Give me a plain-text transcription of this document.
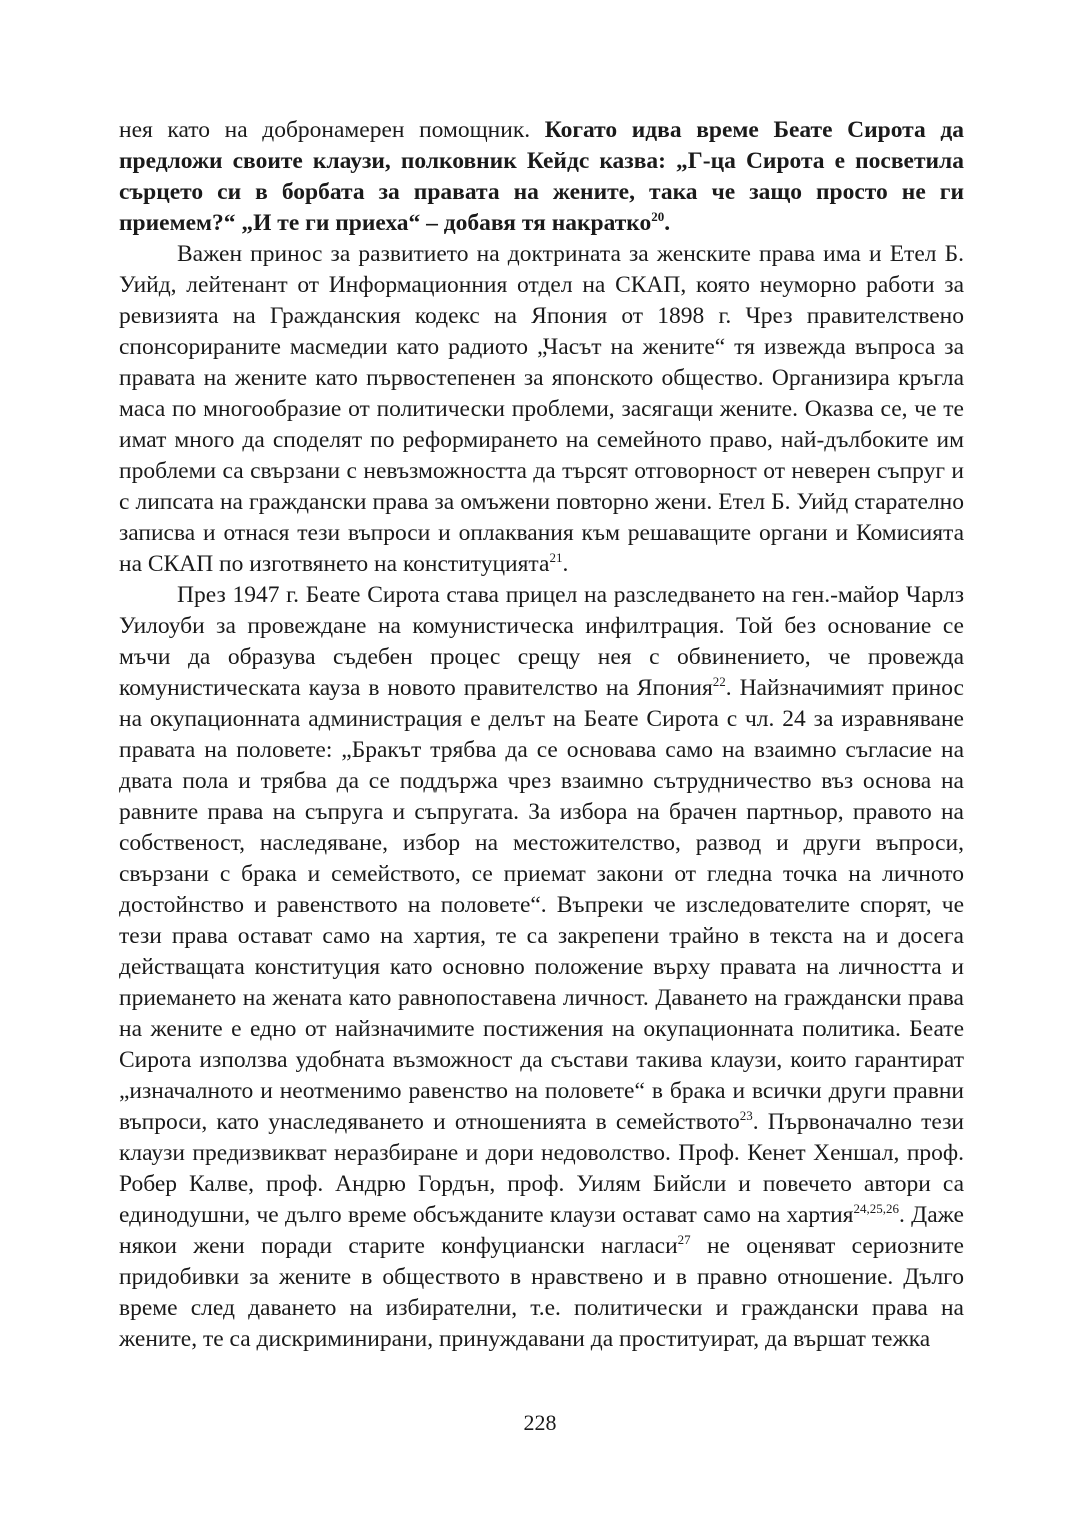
нея като на добронамерен помощник. Когато идва време Беате Сирота да предложи своите клаузи, полковник Кейдс казва: „Г-ца Сирота е посветила сърцето си в борбата за правата на жените, така че защо просто не ги приемем?“ „И те ги приеха“ – добавя тя накратко$^{20}$.

Важен принос за развитието на доктрината за женските права има и Етел Б. Уийд, лейтенант от Информационния отдел на СКАП, която неуморно работи за ревизията на Гражданския кодекс на Япония от 1898 г. Чрез правителствено спонсорираните масмедии като радиото „Часът на жените“ тя извежда въпроса за правата на жените като първостепенен за японското общество. Организира кръгла маса по многообразие от политически проблеми, засягащи жените. Оказва се, че те имат много да споделят по реформирането на семейното право, най-дълбоките им проблеми са свързани с невъзможността да търсят отговорност от неверен съпруг и с липсата на граждански права за омъжени повторно жени. Етел Б. Уийд старателно записва и отнася тези въпроси и оплаквания към решаващите органи и Комисията на СКАП по изготвянето на конституцията$^{21}$.

През 1947 г. Беате Сирота става прицел на разследването на ген.-майор Чарлз Уилоуби за провеждане на комунистическа инфилтрация. Той без основание се мъчи да образува съдебен процес срещу нея с обвинението, че провежда комунистическата кауза в новото правителство на Япония$^{22}$. Найзначимият принос на окупационната администрация е делът на Беате Сирота с чл. 24 за изравняване правата на половете: „Бракът трябва да се основава само на взаимно съгласие на двата пола и трябва да се поддържа чрез взаимно сътрудничество въз основа на равните права на съпруга и съпругата. За избора на брачен партньор, правото на собственост, наследяване, избор на местожителство, развод и други въпроси, свързани с брака и семейството, се приемат закони от гледна точка на личното достойнство и равенството на половете“. Въпреки че изследователите спорят, че тези права остават само на хартия, те са закрепени трайно в текста на и досега действащата конституция като основно положение върху правата на личността и приемането на жената като равнопоставена личност. Даването на граждански права на жените е едно от найзначимите постижения на окупационната политика. Беате Сирота използва удобната възможност да състави такива клаузи, които гарантират „изначалното и неотменимо равенство на половете“ в брака и всички други правни въпроси, като унаследяването и отношенията в семейството$^{23}$. Първоначално тези клаузи предизвикват неразбиране и дори недоволство. Проф. Кенет Хеншал, проф. Робер Калве, проф. Андрю Гордън, проф. Уилям Бийсли и повечето автори са единодушни, че дълго време обсъжданите клаузи остават само на хартия$^{24,25,26}$. Даже някои жени поради старите конфуциански нагласи$^{27}$ не оценяват сериозните придобивки за жените в обществото в нравствено и в правно отношение. Дълго време след даването на избирателни, т.е. политически и граждански права на жените, те са дискриминирани, принуждавани да проституират, да вършат тежка

228
